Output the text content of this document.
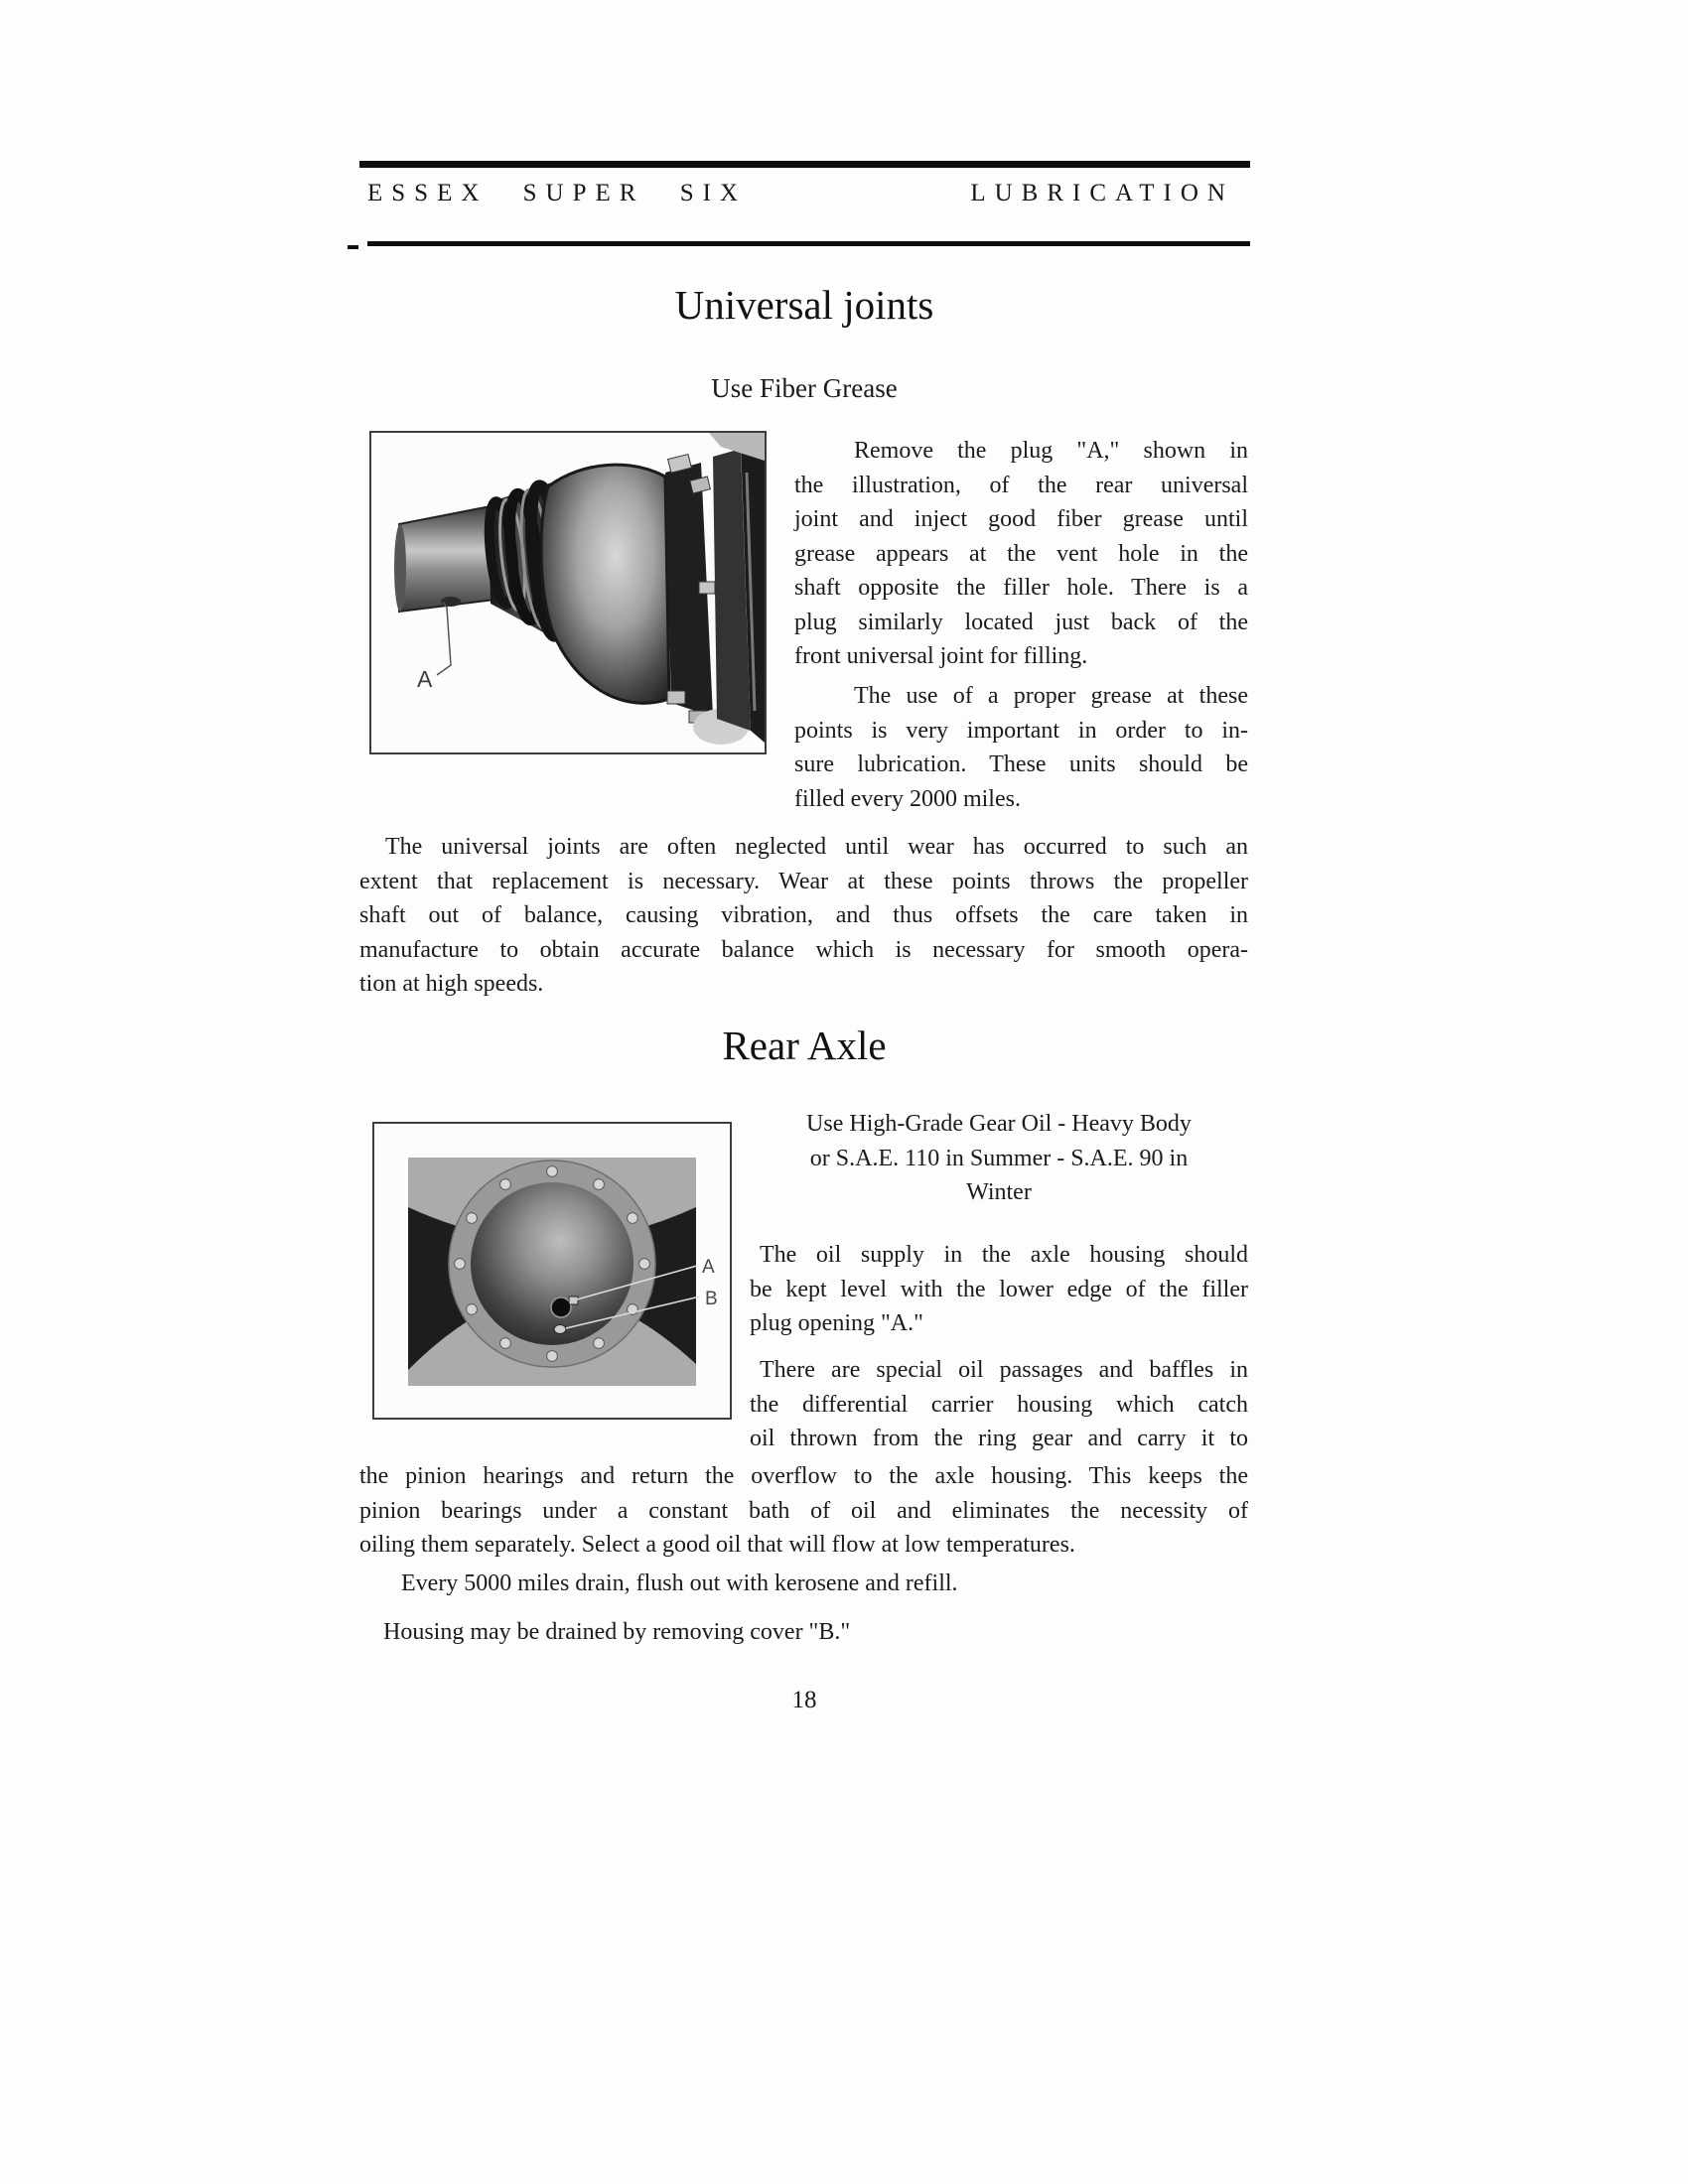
ESSEX SUPER SIX	LUBRICATION
Universal joints
Use Fiber Grease
A
Remove the plug "A," shown in
the illustration, of the rear universal
joint and inject good fiber grease until
grease appears at the vent hole in the
shaft opposite the filler hole. There is a
plug similarly located just back of the
front universal joint for filling.
The use of a proper grease at these
points is very important in order to in-
sure lubrication. These units should be
filled every 2000 miles.
The universal joints are often neglected until wear has occurred to such an
extent that replacement is necessary. Wear at these points throws the propeller
shaft out of balance, causing vibration, and thus offsets the care taken in
manufacture to obtain accurate balance which is necessary for smooth opera-
tion at high speeds.
Rear Axle
A
B
Use High-Grade Gear Oil - Heavy Body
or S.A.E. 110 in Summer - S.A.E. 90 in
Winter
The oil supply in the axle housing should
be kept level with the lower edge of the filler
plug opening "A."
There are special oil passages and baffles in
the differential carrier housing which catch
oil thrown from the ring gear and carry it to
the pinion hearings and return the overflow to the axle housing. This keeps the
pinion bearings under a constant bath of oil and eliminates the necessity of
oiling them separately. Select a good oil that will flow at low temperatures.
Every 5000 miles drain, flush out with kerosene and refill.
Housing may be drained by removing cover "B."
18
